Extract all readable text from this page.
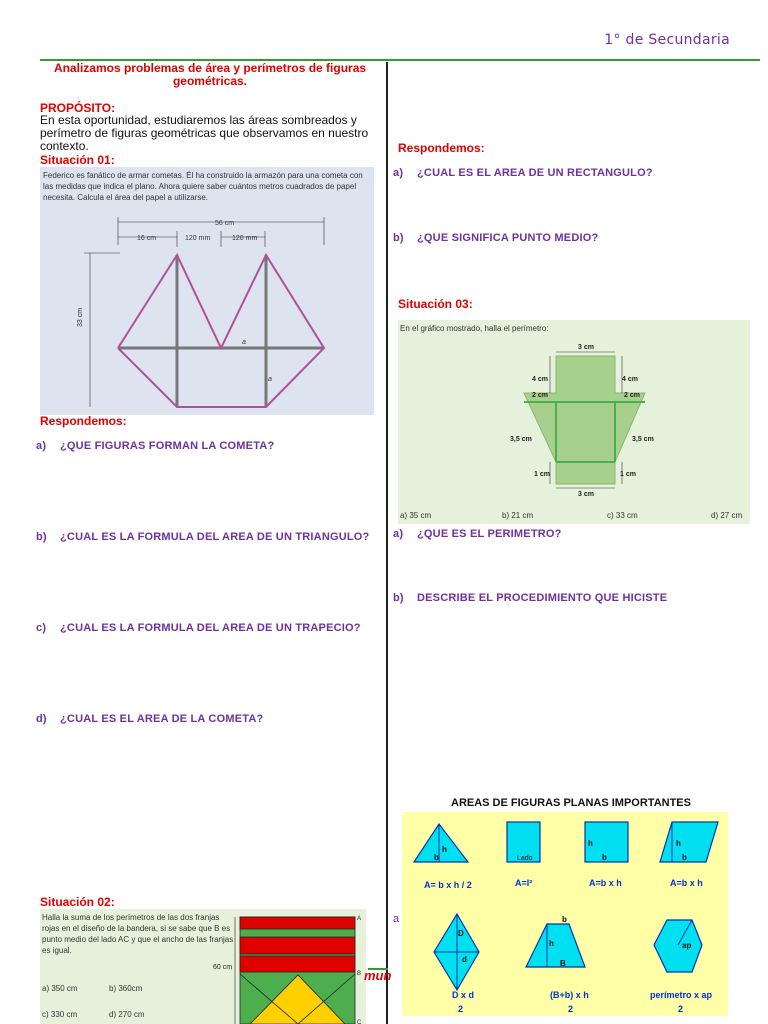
1° de Secundaria
Analizamos problemas de área y perímetros de figuras geométricas.
PROPÓSITO:
En esta oportunidad, estudiaremos las áreas sombreados y perímetro de figuras geométricas que observamos en nuestro contexto.
Situación 01:
Federico es fanático de armar cometas. Él ha construido la armazón para una cometa con las medidas que indica el plano. Ahora quiere saber cuántos metros cuadrados de papel necesita. Calcula el área del papel a utilizarse.
56 cm
16 cm	120 mm	120 mm
33 cm
a
a
Respondemos:
a) ¿QUE FIGURAS FORMAN LA COMETA?
b) ¿CUAL ES LA FORMULA DEL AREA DE UN TRIANGULO?
c) ¿CUAL ES LA FORMULA DEL AREA DE UN TRAPECIO?
d) ¿CUAL ES EL AREA DE LA COMETA?
Respondemos:
a) ¿CUAL ES EL AREA DE UN RECTANGULO?
b) ¿QUE SIGNIFICA PUNTO MEDIO?
Situación 03:
En el gráfico mostrado, halla el perímetro:
3 cm
3 cm
4 cm	4 cm
2 cm	2 cm
3,5 cm	3,5 cm
1 cm	1 cm
a) 35 cm	b) 21 cm	c) 33 cm	d) 27 cm
a) ¿QUE ES EL PERIMETRO?
b) DESCRIBE EL PROCEDIMIENTO QUE HICISTE
AREAS DE FIGURAS PLANAS IMPORTANTES
h
b	Lado
h
b
h
b
D
d
h
b
B
ap
A= b x h / 2	A=l²	A=b x h	A=b x h
D x d
2
(B+b) x h
2
perímetro x ap
2
Situación 02:
Halla la suma de los perímetros de las dos franjas rojas en el diseño de la bandera, si se sabe que B es punto medio del lado AC y que el ancho de las franjas es igual.
a) 350 cm	b) 360cm
c) 330 cm	d) 270 cm
60 cm
A
B
C
mun
a
